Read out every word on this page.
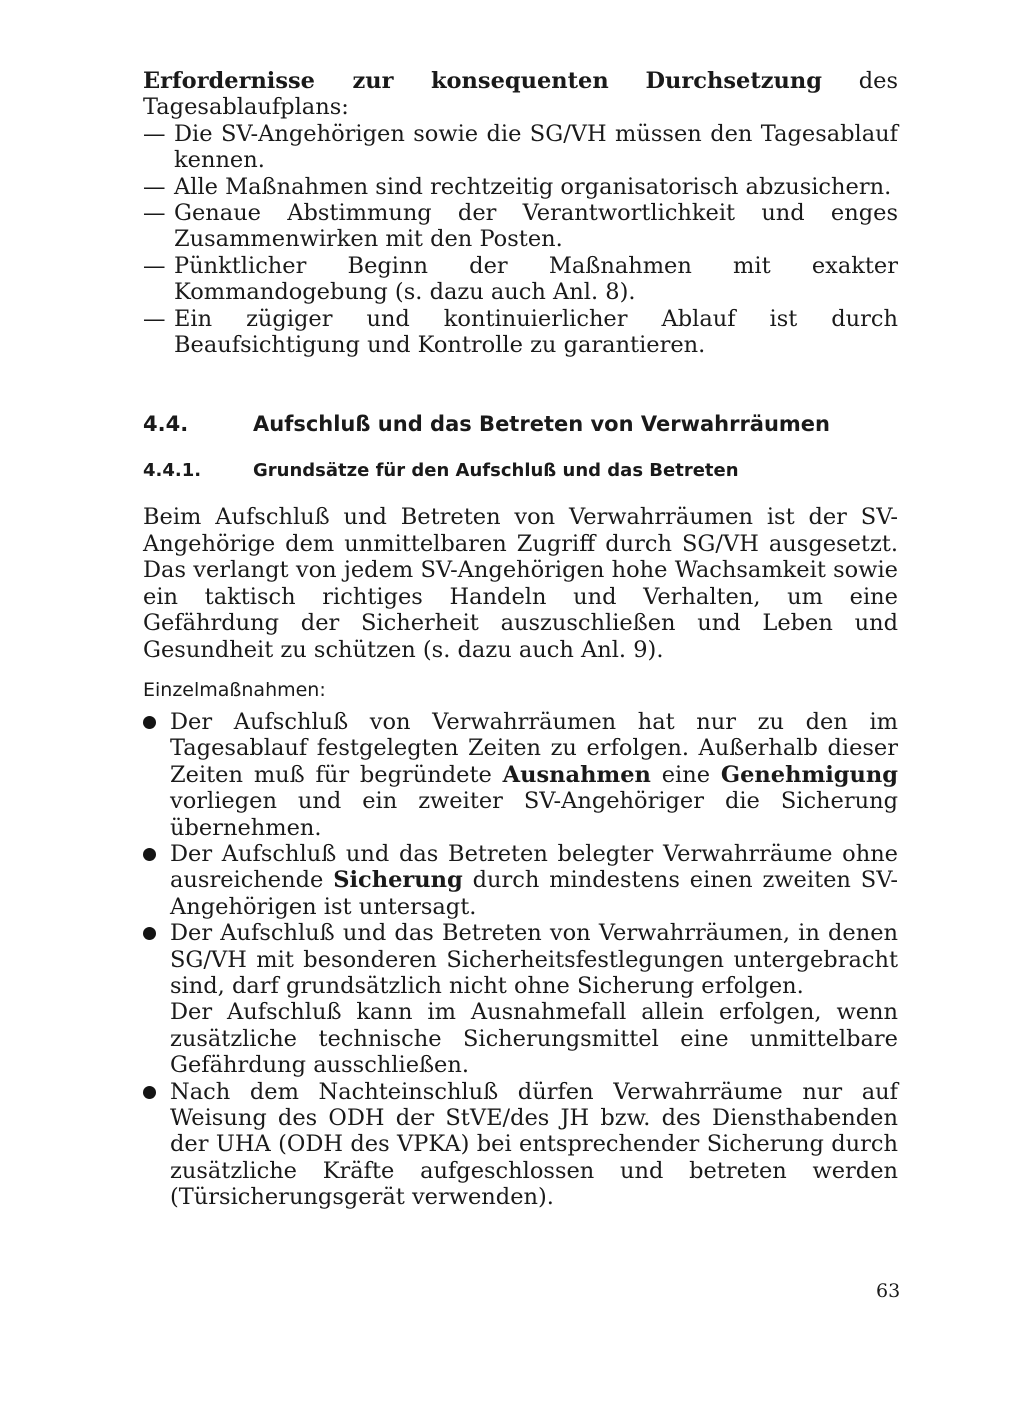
Erfordernisse zur konsequenten Durchsetzung des Tagesablaufplans:
— Die SV-Angehörigen sowie die SG/VH müssen den Tagesablauf kennen.
— Alle Maßnahmen sind rechtzeitig organisatorisch abzusichern.
— Genaue Abstimmung der Verantwortlichkeit und enges Zusammenwirken mit den Posten.
— Pünktlicher Beginn der Maßnahmen mit exakter Kommandogebung (s. dazu auch Anl. 8).
— Ein zügiger und kontinuierlicher Ablauf ist durch Beaufsichtigung und Kontrolle zu garantieren.
4.4.	Aufschluß und das Betreten von Verwahrräumen
4.4.1.	Grundsätze für den Aufschluß und das Betreten

Beim Aufschluß und Betreten von Verwahrräumen ist der SV-Angehörige dem unmittelbaren Zugriff durch SG/VH ausgesetzt. Das verlangt von jedem SV-Angehörigen hohe Wachsamkeit sowie ein taktisch richtiges Handeln und Verhalten, um eine Gefährdung der Sicherheit auszuschließen und Leben und Gesundheit zu schützen (s. dazu auch Anl. 9).

Einzelmaßnahmen:
Der Aufschluß von Verwahrräumen hat nur zu den im Tagesablauf festgelegten Zeiten zu erfolgen. Außerhalb dieser Zeiten muß für begründete Ausnahmen eine Genehmigung vorliegen und ein zweiter SV-Angehöriger die Sicherung übernehmen.
Der Aufschluß und das Betreten belegter Verwahrräume ohne ausreichende Sicherung durch mindestens einen zweiten SV-Angehörigen ist untersagt.
Der Aufschluß und das Betreten von Verwahrräumen, in denen SG/VH mit besonderen Sicherheitsfestlegungen untergebracht sind, darf grundsätzlich nicht ohne Sicherung erfolgen.
Der Aufschluß kann im Ausnahmefall allein erfolgen, wenn zusätzliche technische Sicherungsmittel eine unmittelbare Gefährdung ausschließen.
Nach dem Nachteinschluß dürfen Verwahrräume nur auf Weisung des ODH der StVE/des JH bzw. des Diensthabenden der UHA (ODH des VPKA) bei entsprechender Sicherung durch zusätzliche Kräfte aufgeschlossen und betreten werden (Türsicherungsgerät verwenden).
63
